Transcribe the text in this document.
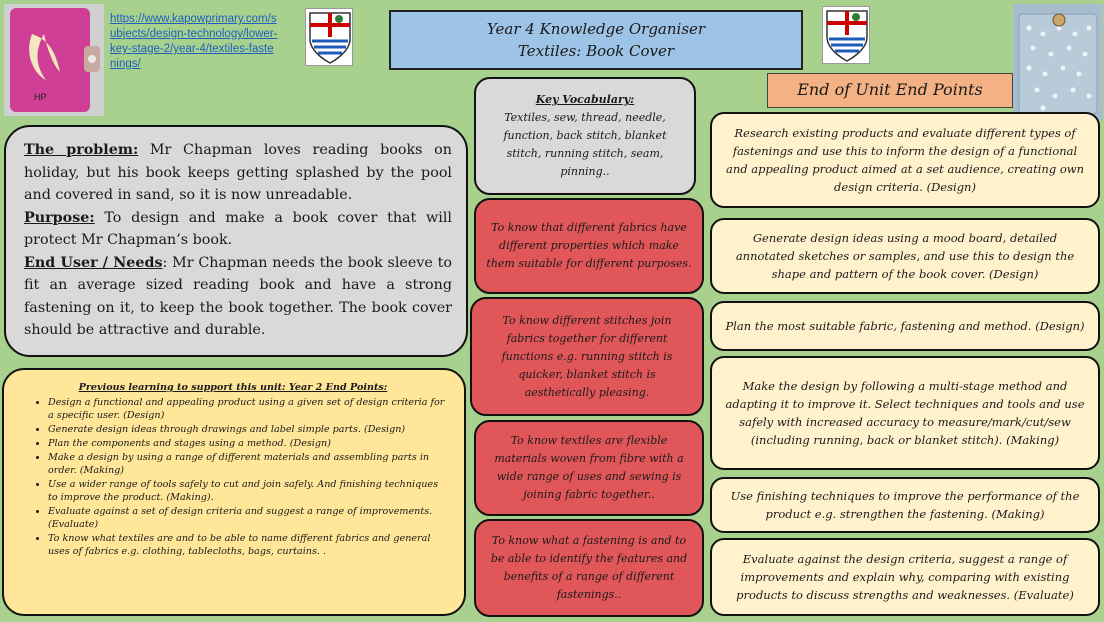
HP
https://www.kapowprimary.com/subjects/design-technology/lower-key-stage-2/year-4/textiles-fastenings/
Year 4 Knowledge Organiser
Textiles: Book Cover
End of Unit End Points
The problem: Mr Chapman loves reading books on holiday, but his book keeps getting splashed by the pool and covered in sand, so it is now unreadable.
Purpose: To design and make a book cover that will protect Mr Chapman’s book.
End User / Needs: Mr Chapman needs the book sleeve to fit an average sized reading book and have a strong fastening on it, to keep the book together. The book cover should be attractive and durable.
Previous learning to support this unit: Year 2 End Points:
• Design a functional and appealing product using a given set of design criteria for a specific user. (Design)
• Generate design ideas through drawings and label simple parts. (Design)
• Plan the components and stages using a method. (Design)
• Make a design by using a range of different materials and assembling parts in order. (Making)
• Use a wider range of tools safely to cut and join safely. And finishing techniques to improve the product. (Making).
• Evaluate against a set of design criteria and suggest a range of improvements.(Evaluate)
• To know what textiles are and to be able to name different fabrics and general uses of fabrics e.g. clothing, tablecloths, bags, curtains. .
Key Vocabulary:
Textiles, sew, thread, needle, function, back stitch, blanket stitch, running stitch, seam, pinning..
To know that different fabrics have different properties which make them suitable for different purposes.
To know different stitches join fabrics together for different functions e.g. running stitch is quicker, blanket stitch is aesthetically pleasing.
To know textiles are flexible materials woven from fibre with a wide range of uses and sewing is joining fabric together..
To know what a fastening is and to be able to identify the features and benefits of a range of different fastenings..
Research existing products and evaluate different types of fastenings and use this to inform the design of a functional and appealing product aimed at a set audience, creating own design criteria. (Design)
Generate design ideas using a mood board, detailed annotated sketches or samples, and use this to design the shape and pattern of the book cover. (Design)
Plan the most suitable fabric, fastening and method. (Design)
Make the design by following a multi-stage method and adapting it to improve it. Select techniques and tools and use safely with increased accuracy to measure/mark/cut/sew (including running, back or blanket stitch). (Making)
Use finishing techniques to improve the performance of the product e.g. strengthen the fastening. (Making)
Evaluate against the design criteria, suggest a range of improvements and explain why, comparing with existing products to discuss strengths and weaknesses. (Evaluate)
